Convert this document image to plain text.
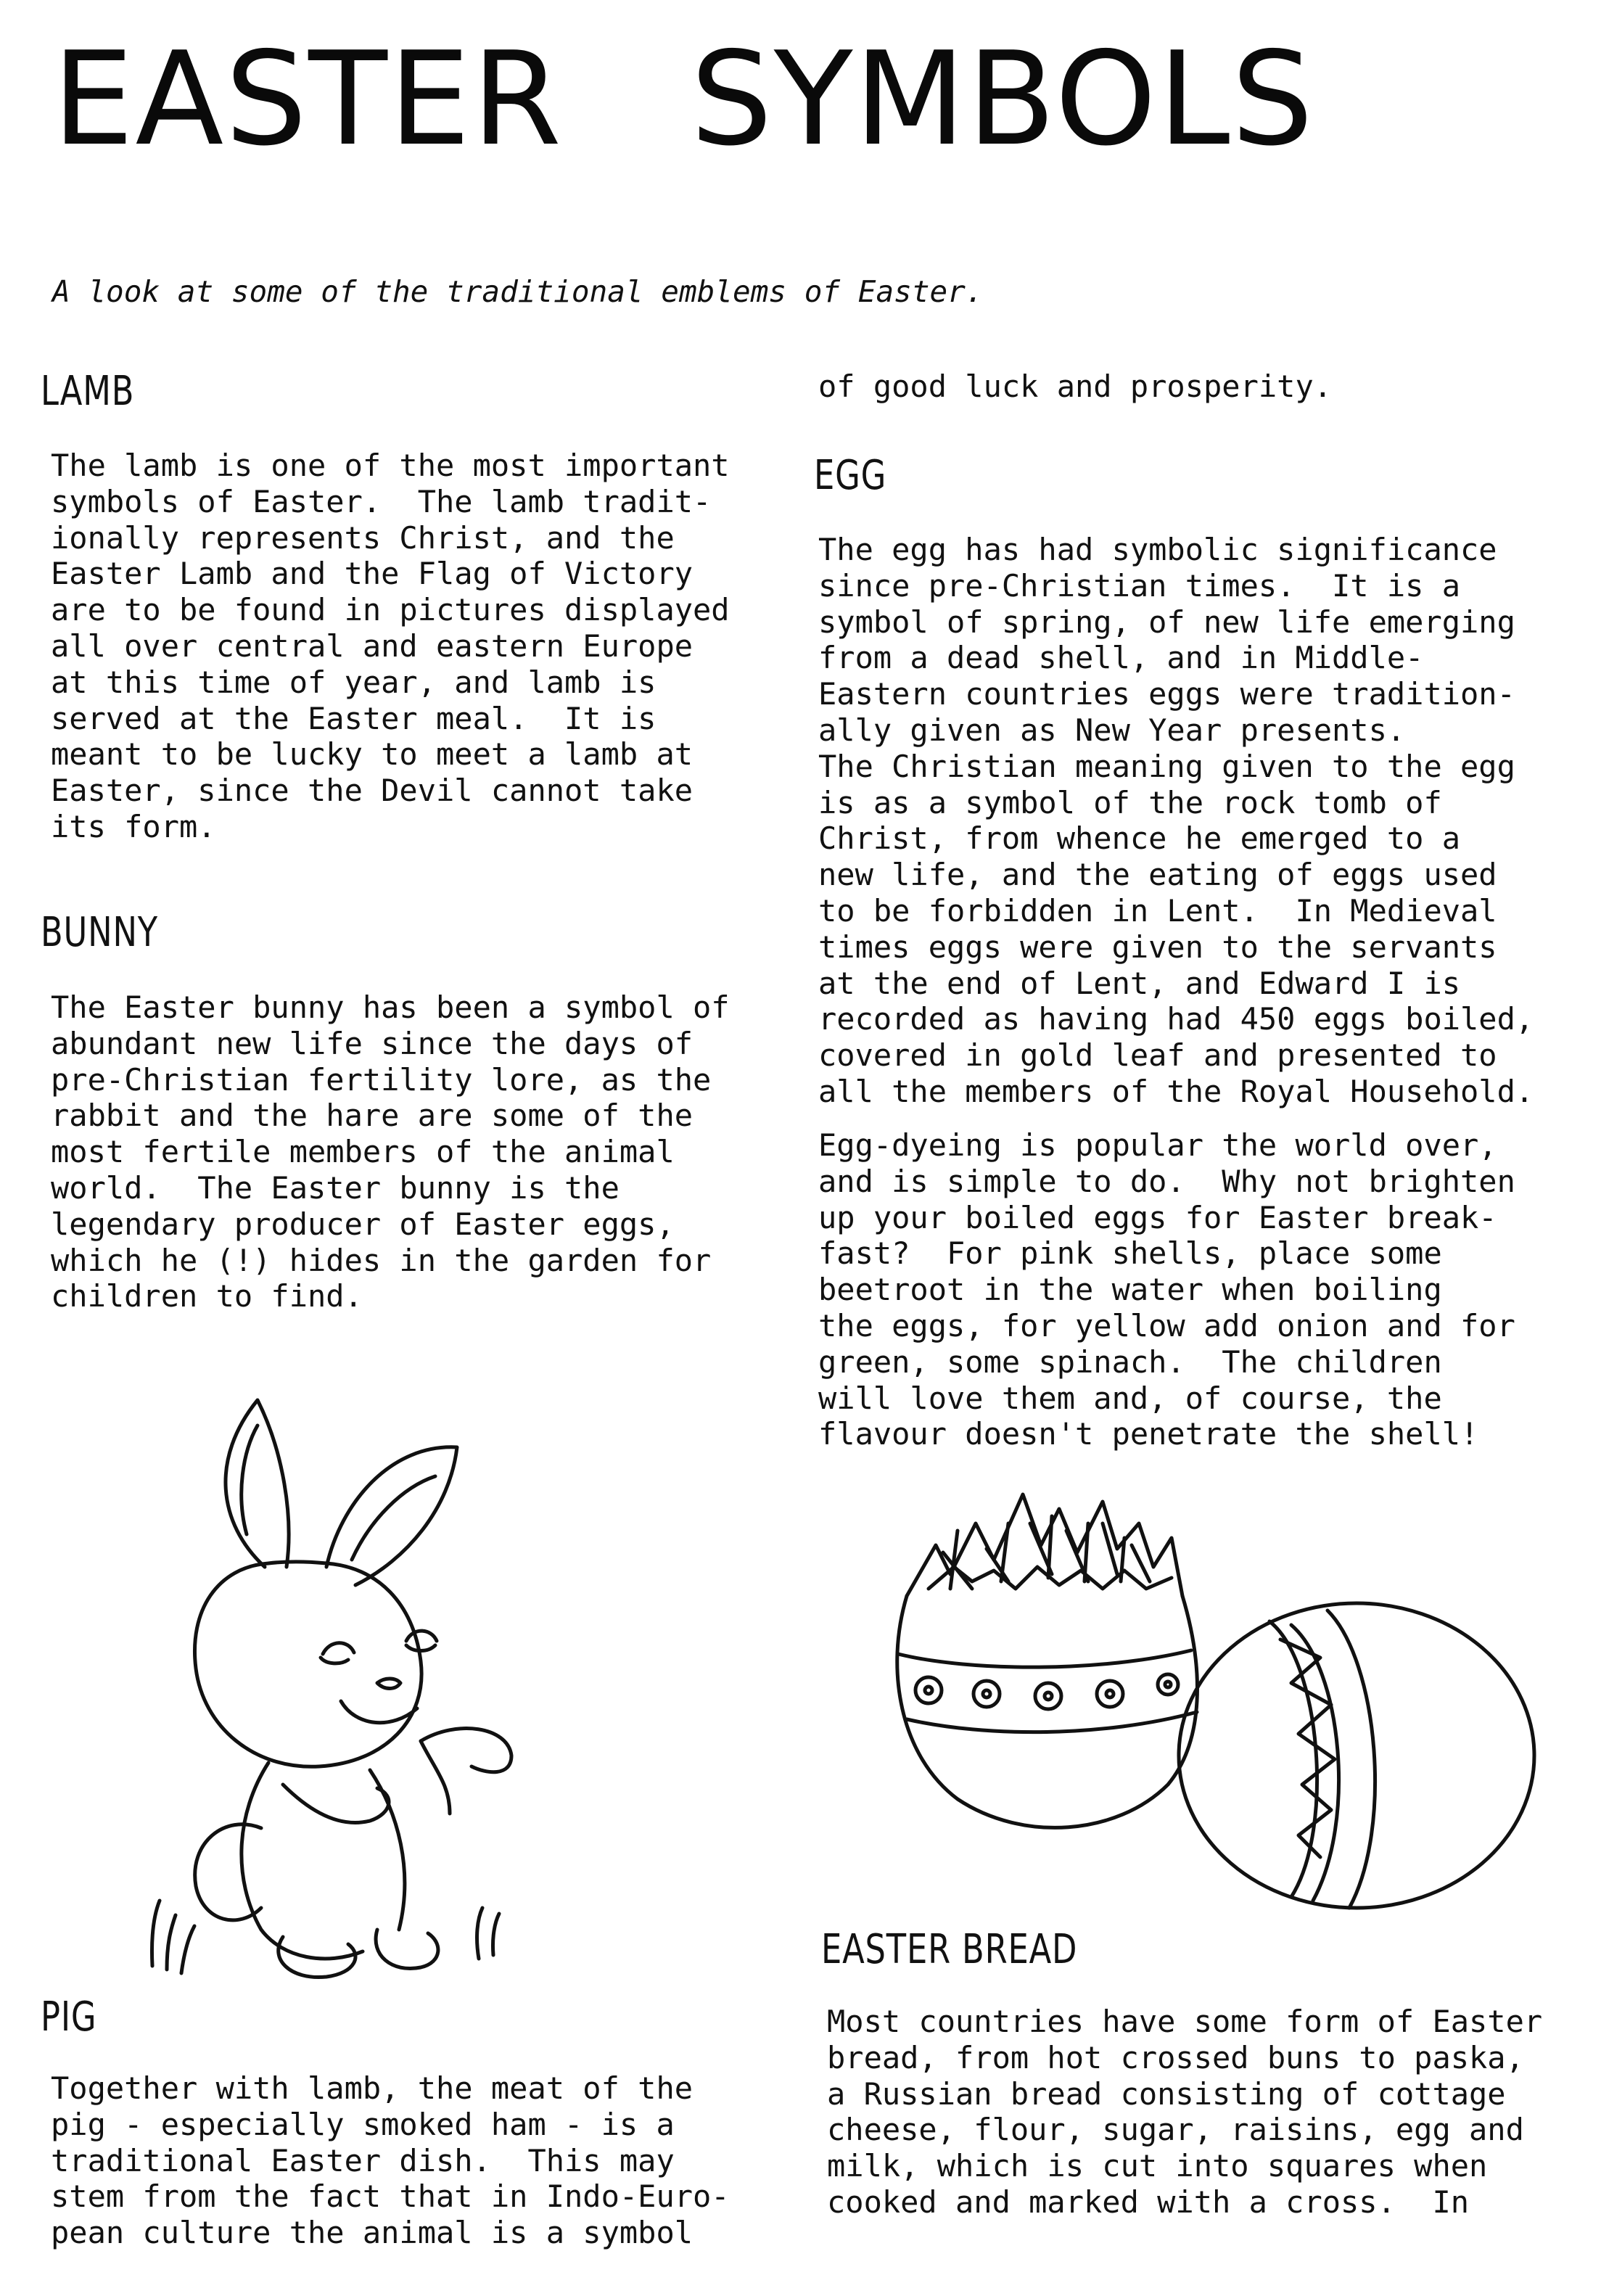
EASTER   SYMBOLS

A look at some of the traditional emblems of Easter.

LAMB

The lamb is one of the most important
symbols of Easter.  The lamb tradit-
ionally represents Christ, and the
Easter Lamb and the Flag of Victory
are to be found in pictures displayed
all over central and eastern Europe
at this time of year, and lamb is
served at the Easter meal.  It is
meant to be lucky to meet a lamb at
Easter, since the Devil cannot take
its form.

BUNNY

The Easter bunny has been a symbol of
abundant new life since the days of
pre-Christian fertility lore, as the
rabbit and the hare are some of the
most fertile members of the animal
world.  The Easter bunny is the
legendary producer of Easter eggs,
which he (!) hides in the garden for
children to find.

PIG

Together with lamb, the meat of the
pig - especially smoked ham - is a
traditional Easter dish.  This may
stem from the fact that in Indo-Euro-
pean culture the animal is a symbol

of good luck and prosperity.

EGG

The egg has had symbolic significance
since pre-Christian times.  It is a
symbol of spring, of new life emerging
from a dead shell, and in Middle-
Eastern countries eggs were tradition-
ally given as New Year presents.
The Christian meaning given to the egg
is as a symbol of the rock tomb of
Christ, from whence he emerged to a
new life, and the eating of eggs used
to be forbidden in Lent.  In Medieval
times eggs were given to the servants
at the end of Lent, and Edward I is
recorded as having had 450 eggs boiled,
covered in gold leaf and presented to
all the members of the Royal Household.

Egg-dyeing is popular the world over,
and is simple to do.  Why not brighten
up your boiled eggs for Easter break-
fast?  For pink shells, place some
beetroot in the water when boiling
the eggs, for yellow add onion and for
green, some spinach.  The children
will love them and, of course, the
flavour doesn't penetrate the shell!

EASTER BREAD

Most countries have some form of Easter
bread, from hot crossed buns to paska,
a Russian bread consisting of cottage
cheese, flour, sugar, raisins, egg and
milk, which is cut into squares when
cooked and marked with a cross.  In
